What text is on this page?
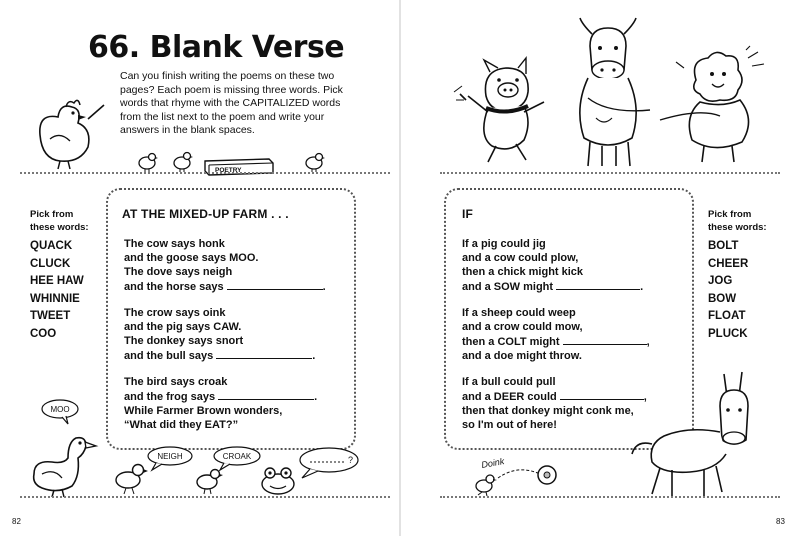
66. Blank Verse

Can you finish writing the poems on these two pages? Each poem is missing three words. Pick words that rhyme with the CAPITALIZED words from the list next to the poem and write your answers in the blank spaces.

POETRY
Pick from
these words:
QUACK
CLUCK
HEE HAW
WHINNIE
TWEET
COO
AT THE MIXED-UP FARM . . .
The cow says honk
and the goose says MOO.
The dove says neigh
and the horse says	.
The crow says oink
and the pig says CAW.
The donkey says snort
and the bull says	.
The bird says croak
and the frog says	.
While Farmer Brown wonders,
“What did they EAT?”
MOO
NEIGH	CROAK	?
82
IF
If a pig could jig
and a cow could plow,
then a chick might kick
and a SOW might	.
If a sheep could weep
and a crow could mow,
then a COLT might	,
and a doe might throw.
If a bull could pull
and a DEER could	,
then that donkey might conk me,
so I'm out of here!
Pick from
these words:
BOLT
CHEER
JOG
BOW
FLOAT
PLUCK
Doink
83
